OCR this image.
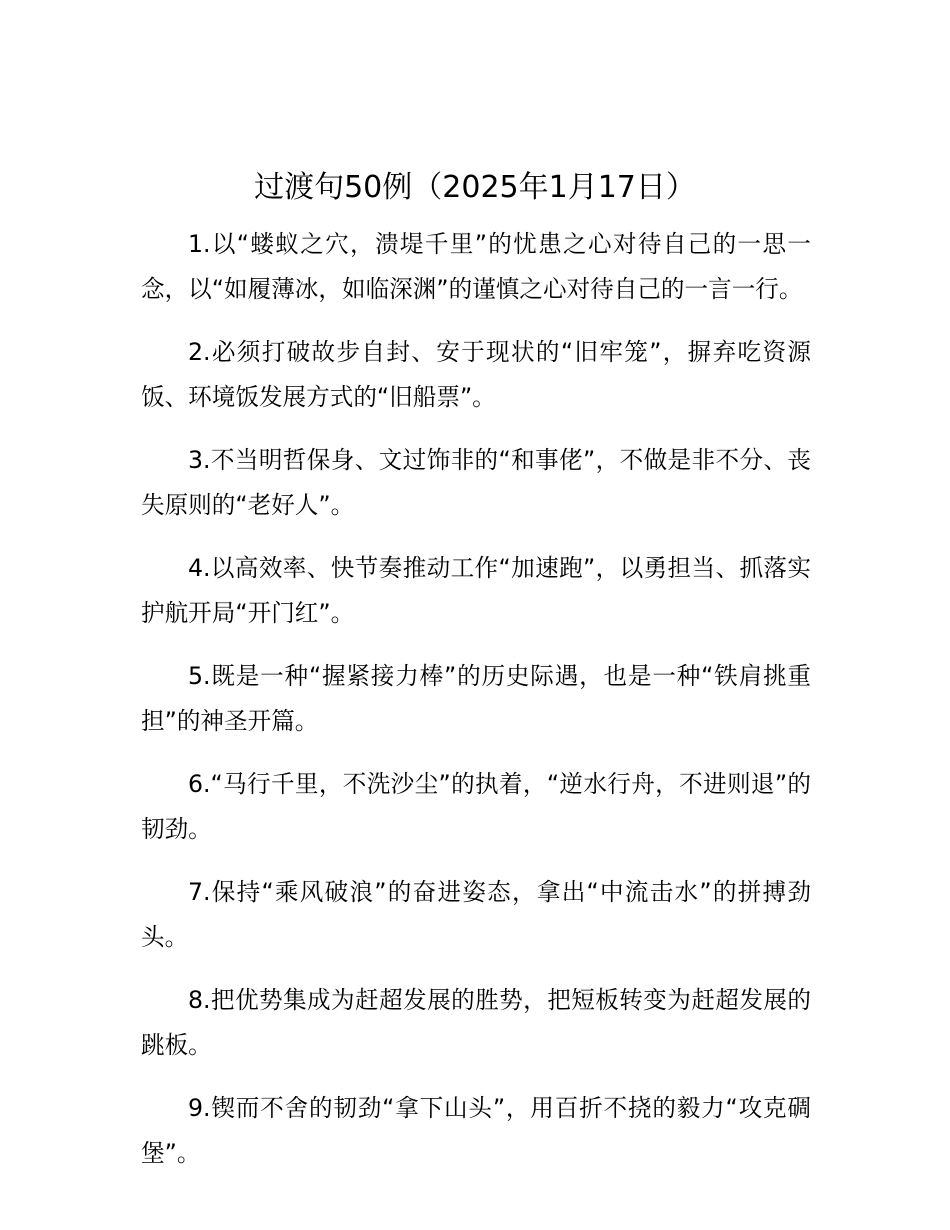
过渡句50例（2025年1月17日）

1.以“蝼蚁之穴，溃堤千里”的忧患之心对待自己的一思一念，以“如履薄冰，如临深渊”的谨慎之心对待自己的一言一行。

2.必须打破故步自封、安于现状的“旧牢笼”，摒弃吃资源饭、环境饭发展方式的“旧船票”。

3.不当明哲保身、文过饰非的“和事佬”，不做是非不分、丧失原则的“老好人”。

4.以高效率、快节奏推动工作“加速跑”，以勇担当、抓落实护航开局“开门红”。

5.既是一种“握紧接力棒”的历史际遇，也是一种“铁肩挑重担”的神圣开篇。

6.“马行千里，不洗沙尘”的执着，“逆水行舟，不进则退”的韧劲。

7.保持“乘风破浪”的奋进姿态，拿出“中流击水”的拼搏劲头。

8.把优势集成为赶超发展的胜势，把短板转变为赶超发展的跳板。

9.锲而不舍的韧劲“拿下山头”，用百折不挠的毅力“攻克碉堡”。
